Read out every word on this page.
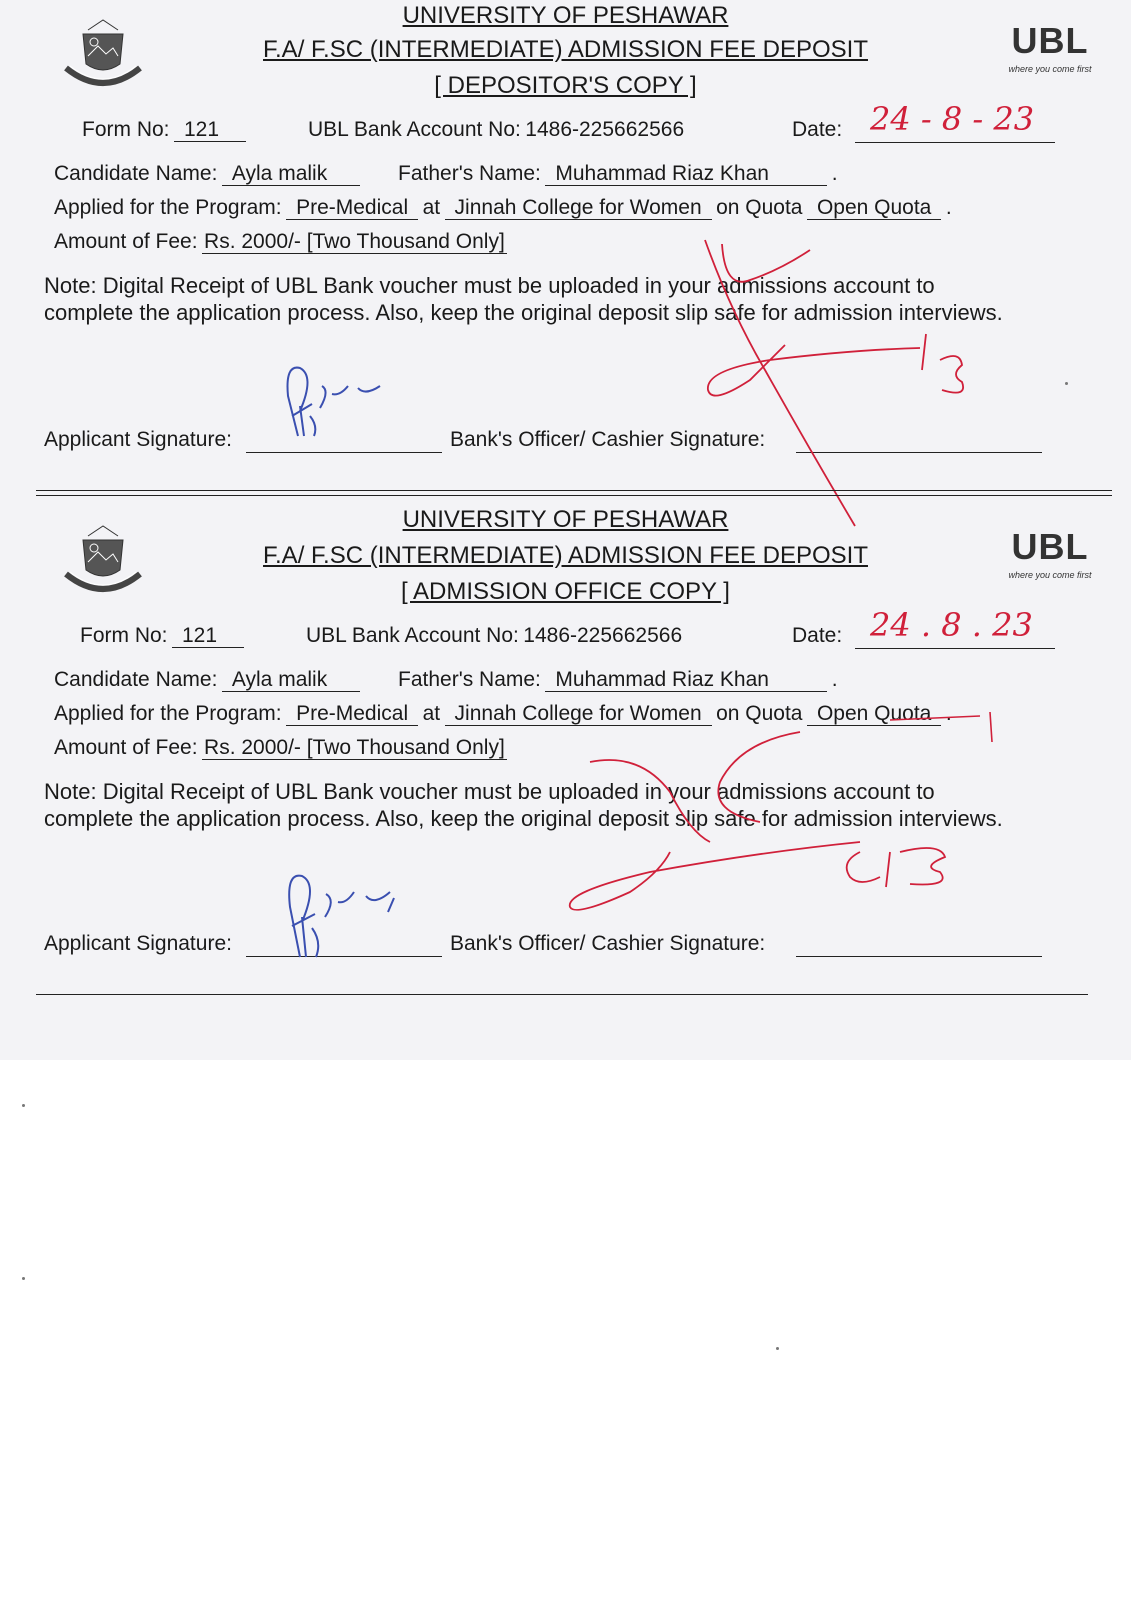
UBL
where you come first
UNIVERSITY OF PESHAWAR
F.A/ F.SC (INTERMEDIATE) ADMISSION FEE DEPOSIT
[ DEPOSITOR'S COPY ]
Form No: 121	UBL Bank Account No: 1486-225662566	Date: 24 - 8 - 23
Candidate Name: Ayla malik	Father's Name: Muhammad Riaz Khan	.
Applied for the Program: Pre-Medical at Jinnah College for Women on Quota Open Quota .
Amount of Fee: Rs. 2000/- [Two Thousand Only]
Note: Digital Receipt of UBL Bank voucher must be uploaded in your admissions account to
complete the application process. Also, keep the original deposit slip safe for admission interviews.
Applicant Signature:	Bank's Officer/ Cashier Signature:
UBL
where you come first
UNIVERSITY OF PESHAWAR
F.A/ F.SC (INTERMEDIATE) ADMISSION FEE DEPOSIT
[ ADMISSION OFFICE COPY ]
Form No: 121	UBL Bank Account No: 1486-225662566	Date: 24 . 8 . 23
Candidate Name: Ayla malik	Father's Name: Muhammad Riaz Khan	.
Applied for the Program: Pre-Medical at Jinnah College for Women on Quota Open Quota .
Amount of Fee: Rs. 2000/- [Two Thousand Only]
Note: Digital Receipt of UBL Bank voucher must be uploaded in your admissions account to
complete the application process. Also, keep the original deposit slip safe for admission interviews.
Applicant Signature:	Bank's Officer/ Cashier Signature:
